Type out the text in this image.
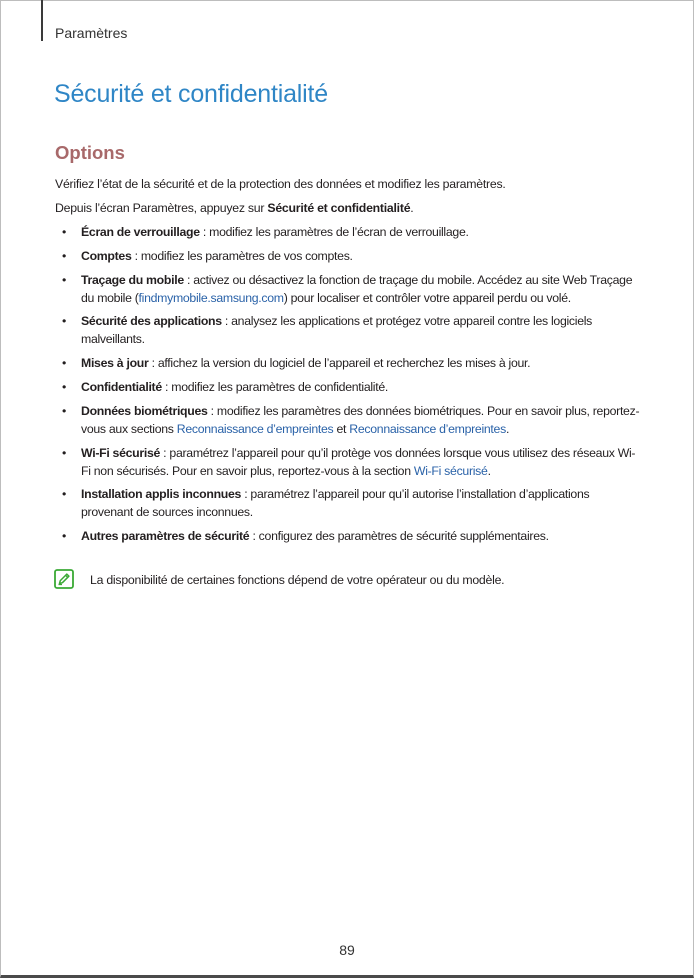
Paramètres
Sécurité et confidentialité
Options

Vérifiez l’état de la sécurité et de la protection des données et modifiez les paramètres.

Depuis l’écran Paramètres, appuyez sur Sécurité et confidentialité.

• Écran de verrouillage : modifiez les paramètres de l’écran de verrouillage.
• Comptes : modifiez les paramètres de vos comptes.
• Traçage du mobile : activez ou désactivez la fonction de traçage du mobile. Accédez au site Web Traçage du mobile (findmymobile.samsung.com) pour localiser et contrôler votre appareil perdu ou volé.
• Sécurité des applications : analysez les applications et protégez votre appareil contre les logiciels malveillants.
• Mises à jour : affichez la version du logiciel de l’appareil et recherchez les mises à jour.
• Confidentialité : modifiez les paramètres de confidentialité.
• Données biométriques : modifiez les paramètres des données biométriques. Pour en savoir plus, reportez-vous aux sections Reconnaissance d’empreintes et Reconnaissance d’empreintes.
• Wi-Fi sécurisé : paramétrez l’appareil pour qu’il protège vos données lorsque vous utilisez des réseaux Wi-Fi non sécurisés. Pour en savoir plus, reportez-vous à la section Wi-Fi sécurisé.
• Installation applis inconnues : paramétrez l’appareil pour qu’il autorise l’installation d’applications provenant de sources inconnues.
• Autres paramètres de sécurité : configurez des paramètres de sécurité supplémentaires.
La disponibilité de certaines fonctions dépend de votre opérateur ou du modèle.
89
